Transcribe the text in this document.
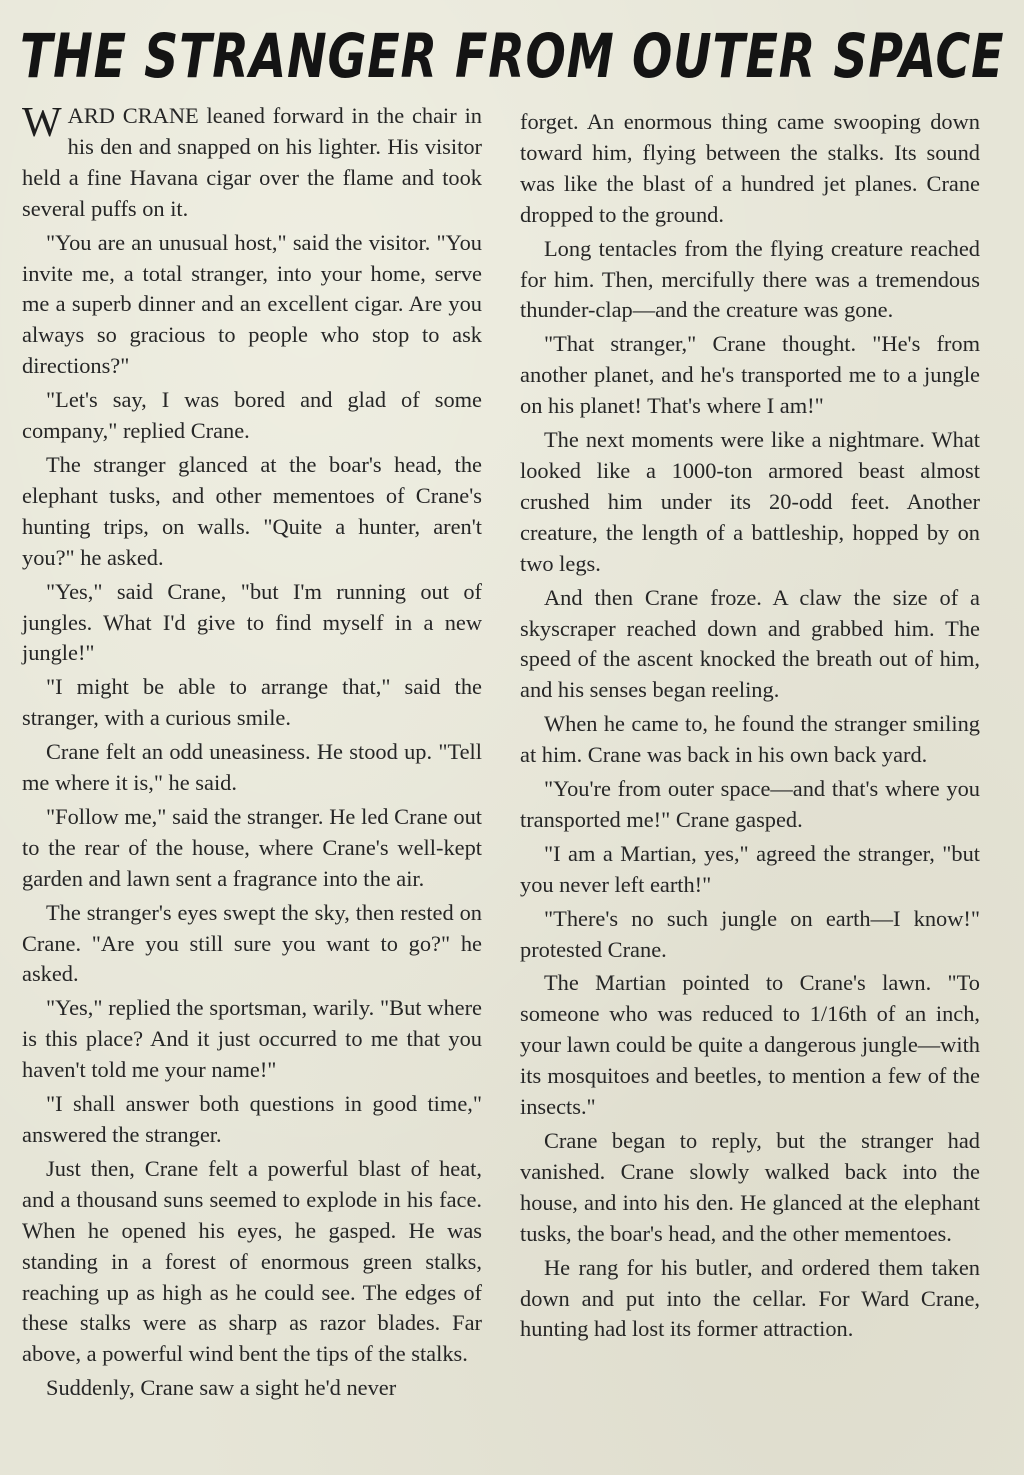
THE STRANGER FROM OUTER SPACE

WARD CRANE leaned forward in the chair in his den and snapped on his lighter. His visitor held a fine Havana cigar over the flame and took several puffs on it.

"You are an unusual host," said the visitor. "You invite me, a total stranger, into your home, serve me a superb dinner and an excellent cigar. Are you always so gracious to people who stop to ask directions?"

"Let's say, I was bored and glad of some company," replied Crane.

The stranger glanced at the boar's head, the elephant tusks, and other mementoes of Crane's hunting trips, on walls. "Quite a hunter, aren't you?" he asked.

"Yes," said Crane, "but I'm running out of jungles. What I'd give to find myself in a new jungle!"

"I might be able to arrange that," said the stranger, with a curious smile.

Crane felt an odd uneasiness. He stood up. "Tell me where it is," he said.

"Follow me," said the stranger. He led Crane out to the rear of the house, where Crane's well-kept garden and lawn sent a fragrance into the air.

The stranger's eyes swept the sky, then rested on Crane. "Are you still sure you want to go?" he asked.

"Yes," replied the sportsman, warily. "But where is this place? And it just occurred to me that you haven't told me your name!"

"I shall answer both questions in good time," answered the stranger.

Just then, Crane felt a powerful blast of heat, and a thousand suns seemed to explode in his face. When he opened his eyes, he gasped. He was standing in a forest of enormous green stalks, reaching up as high as he could see. The edges of these stalks were as sharp as razor blades. Far above, a powerful wind bent the tips of the stalks.

Suddenly, Crane saw a sight he'd never

forget. An enormous thing came swooping down toward him, flying between the stalks. Its sound was like the blast of a hundred jet planes. Crane dropped to the ground.

Long tentacles from the flying creature reached for him. Then, mercifully there was a tremendous thunder-clap—and the creature was gone.

"That stranger," Crane thought. "He's from another planet, and he's transported me to a jungle on his planet! That's where I am!"

The next moments were like a nightmare. What looked like a 1000-ton armored beast almost crushed him under its 20-odd feet. Another creature, the length of a battleship, hopped by on two legs.

And then Crane froze. A claw the size of a skyscraper reached down and grabbed him. The speed of the ascent knocked the breath out of him, and his senses began reeling.

When he came to, he found the stranger smiling at him. Crane was back in his own back yard.

"You're from outer space—and that's where you transported me!" Crane gasped.

"I am a Martian, yes," agreed the stranger, "but you never left earth!"

"There's no such jungle on earth—I know!" protested Crane.

The Martian pointed to Crane's lawn. "To someone who was reduced to 1/16th of an inch, your lawn could be quite a dangerous jungle—with its mosquitoes and beetles, to mention a few of the insects."

Crane began to reply, but the stranger had vanished. Crane slowly walked back into the house, and into his den. He glanced at the elephant tusks, the boar's head, and the other mementoes.

He rang for his butler, and ordered them taken down and put into the cellar. For Ward Crane, hunting had lost its former attraction.
